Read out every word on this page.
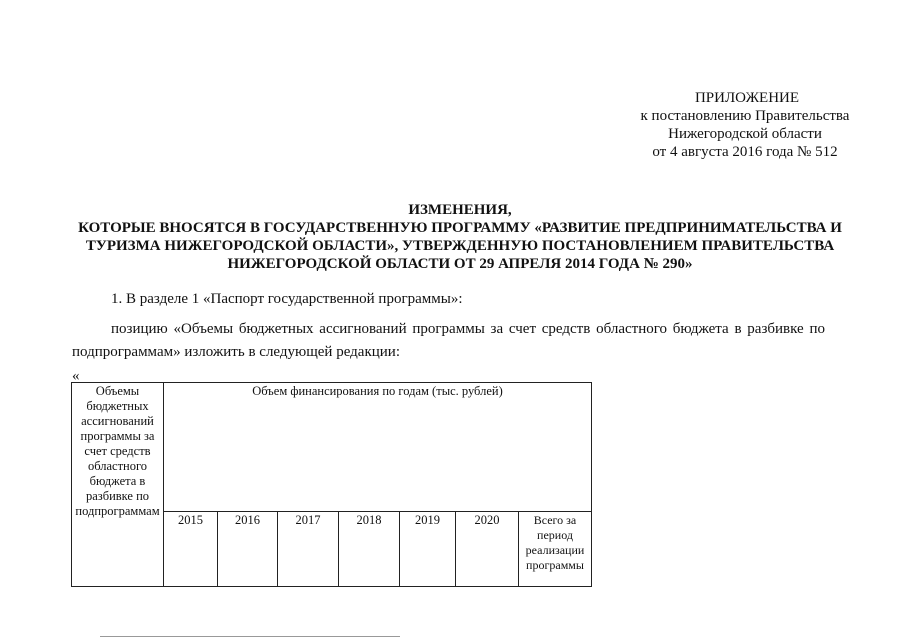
ПРИЛОЖЕНИЕ
к постановлению Правительства
Нижегородской области
от 4 августа 2016 года № 512
ИЗМЕНЕНИЯ,
КОТОРЫЕ ВНОСЯТСЯ В ГОСУДАРСТВЕННУЮ ПРОГРАММУ «РАЗВИТИЕ ПРЕДПРИНИМАТЕЛЬСТВА И
ТУРИЗМА НИЖЕГОРОДСКОЙ ОБЛАСТИ», УТВЕРЖДЕННУЮ ПОСТАНОВЛЕНИЕМ ПРАВИТЕЛЬСТВА
НИЖЕГОРОДСКОЙ ОБЛАСТИ ОТ 29 АПРЕЛЯ 2014 ГОДА № 290»
1. В разделе 1 «Паспорт государственной программы»:
позицию «Объемы бюджетных ассигнований программы за счет средств областного бюджета в разбивке по
подпрограммам» изложить в следующей редакции:
«
Объемы бюджетных ассигнований программы за счет средств областного бюджета в разбивке по подпрограммам	Объем финансирования по годам (тыс. рублей)						
	2015	2016	2017	2018	2019	2020	Всего за период реализации программы
